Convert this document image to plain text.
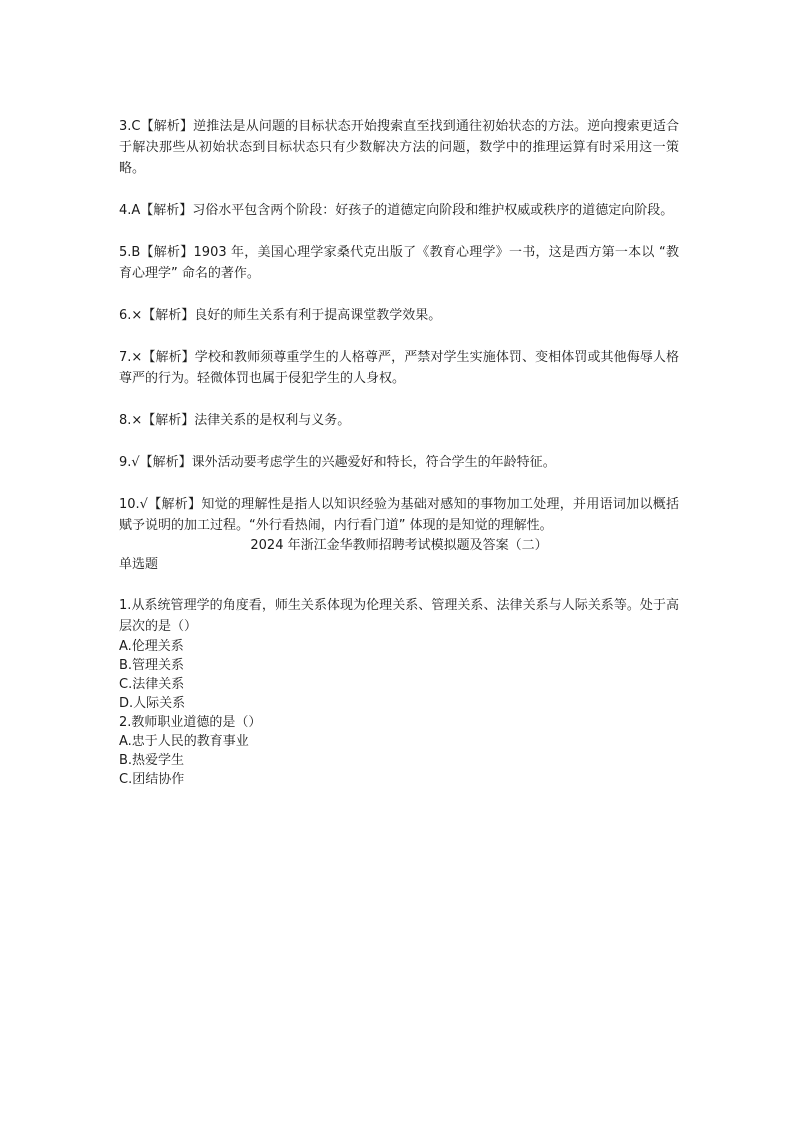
3.C【解析】逆推法是从问题的目标状态开始搜索直至找到通往初始状态的方法。逆向搜索更适合于解决那些从初始状态到目标状态只有少数解决方法的问题，数学中的推理运算有时采用这一策略。

4.A【解析】习俗水平包含两个阶段：好孩子的道德定向阶段和维护权威或秩序的道德定向阶段。

5.B【解析】1903 年，美国心理学家桑代克出版了《教育心理学》一书，这是西方第一本以 “教育心理学” 命名的著作。

6.×【解析】良好的师生关系有利于提高课堂教学效果。

7.×【解析】学校和教师须尊重学生的人格尊严，严禁对学生实施体罚、变相体罚或其他侮辱人格尊严的行为。轻微体罚也属于侵犯学生的人身权。

8.×【解析】法律关系的是权利与义务。

9.√【解析】课外活动要考虑学生的兴趣爱好和特长，符合学生的年龄特征。

10.√【解析】知觉的理解性是指人以知识经验为基础对感知的事物加工处理，并用语词加以概括赋予说明的加工过程。“外行看热闹，内行看门道” 体现的是知觉的理解性。

2024 年浙江金华教师招聘考试模拟题及答案（二）

单选题

1.从系统管理学的角度看，师生关系体现为伦理关系、管理关系、法律关系与人际关系等。处于高层次的是（）

A.伦理关系

B.管理关系

C.法律关系

D.人际关系

2.教师职业道德的是（）

A.忠于人民的教育事业

B.热爱学生

C.团结协作
